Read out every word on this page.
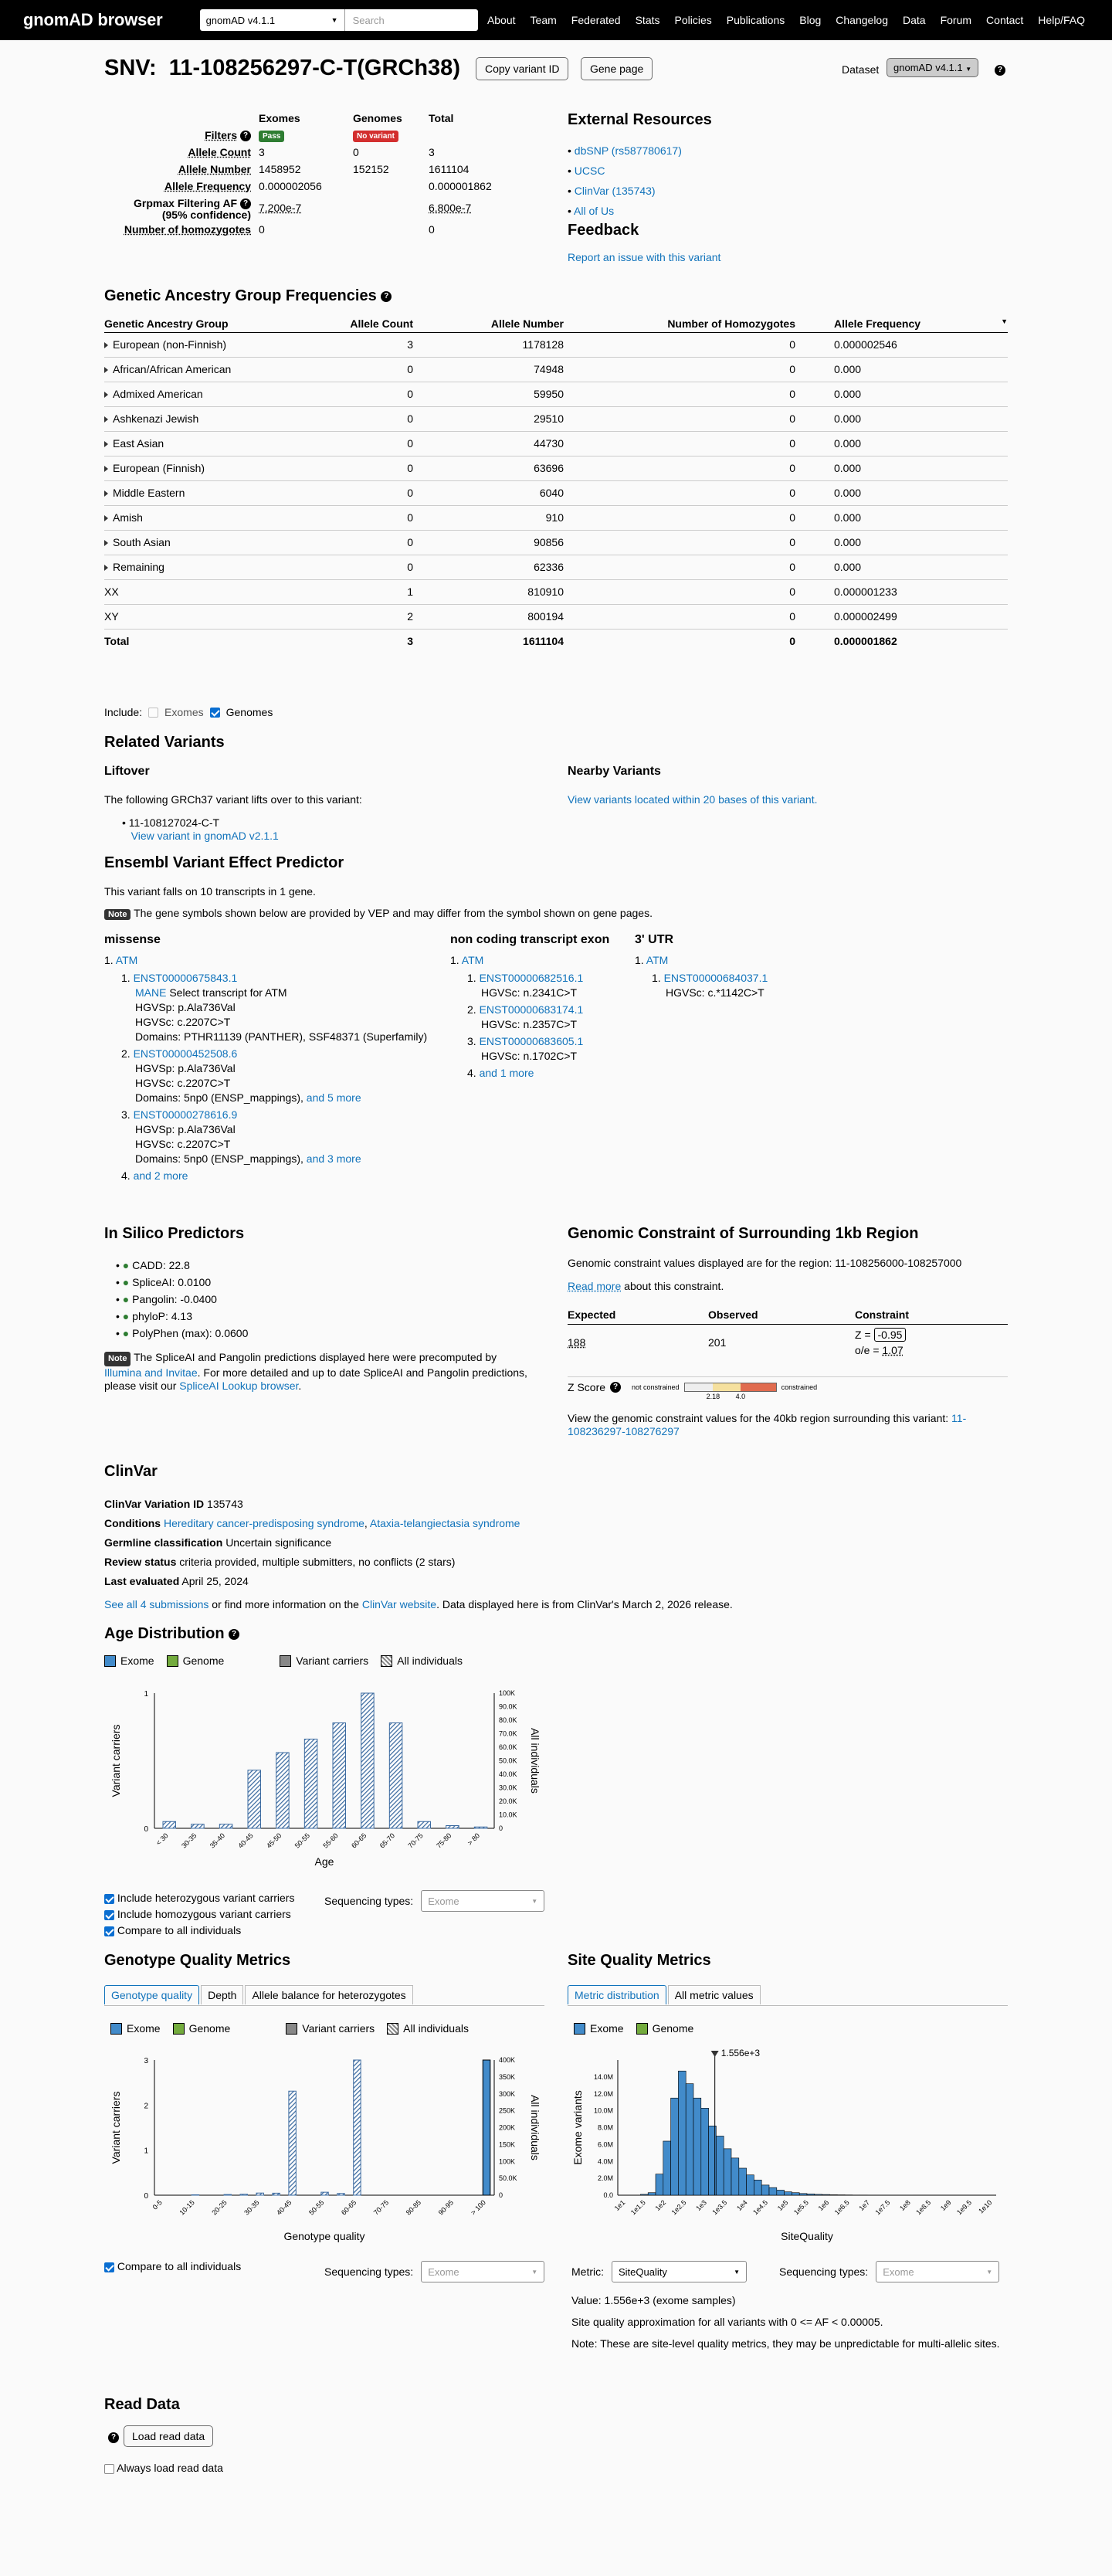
gnomAD browser	gnomAD v4.1.1	▼	Search	About Team Federated Stats Policies Publications Blog Changelog Data Forum Contact Help/FAQ
SNV:  11-108256297-C-T(GRCh38)	Copy variant ID	Gene page	Dataset	gnomAD v4.1.1 ▼	?
	Exomes	Genomes	Total
Filters ?	Pass	No variant	
Allele Count	3	0	3
Allele Number	1458952	152152	1611104
Allele Frequency	0.000002056		0.000001862
Grpmax Filtering AF ?
(95% confidence)	7.200e-7		6.800e-7
Number of homozygotes	0		0
External Resources
• dbSNP (rs587780617)
• UCSC
• ClinVar (135743)
• All of Us
Feedback
Report an issue with this variant
Genetic Ancestry Group Frequencies ?
Genetic Ancestry Group	Allele Count	Allele Number	Number of Homozygotes	Allele Frequency ▼

European (non-Finnish)	3	1178128	0	0.000002546
African/African American	0	74948	0	0.000
Admixed American	0	59950	0	0.000
Ashkenazi Jewish	0	29510	0	0.000
East Asian	0	44730	0	0.000
European (Finnish)	0	63696	0	0.000
Middle Eastern	0	6040	0	0.000
Amish	0	910	0	0.000
South Asian	0	90856	0	0.000
Remaining	0	62336	0	0.000
XX	1	810910	0	0.000001233
XY	2	800194	0	0.000002499
Total	3	1611104	0	0.000001862
Include: Exomes Genomes
Related Variants
Liftover
The following GRCh37 variant lifts over to this variant:
• 11-108127024-C-T
View variant in gnomAD v2.1.1
Nearby Variants
View variants located within 20 bases of this variant.
Ensembl Variant Effect Predictor
This variant falls on 10 transcripts in 1 gene.
Note The gene symbols shown below are provided by VEP and may differ from the symbol shown on gene pages.
missense
1. ATM
1. ENST00000675843.1
MANE Select transcript for ATM
HGVSp: p.Ala736Val
HGVSc: c.2207C>T
Domains: PTHR11139 (PANTHER), SSF48371 (Superfamily)
2. ENST00000452508.6
HGVSp: p.Ala736Val
HGVSc: c.2207C>T
Domains: 5np0 (ENSP_mappings), and 5 more
3. ENST00000278616.9
HGVSp: p.Ala736Val
HGVSc: c.2207C>T
Domains: 5np0 (ENSP_mappings), and 3 more
4. and 2 more
non coding transcript exon
1. ATM
1. ENST00000682516.1
HGVSc: n.2341C>T
2. ENST00000683174.1
HGVSc: n.2357C>T
3. ENST00000683605.1
HGVSc: n.1702C>T
4. and 1 more
3' UTR
1. ATM
1. ENST00000684037.1
HGVSc: c.*1142C>T
In Silico Predictors
• ● CADD: 22.8
• ● SpliceAI: 0.0100
• ● Pangolin: -0.0400
• ● phyloP: 4.13
• ● PolyPhen (max): 0.0600
Note The SpliceAI and Pangolin predictions displayed here were precomputed by Illumina and Invitae. For more detailed and up to date SpliceAI and Pangolin predictions, please visit our SpliceAI Lookup browser.
Genomic Constraint of Surrounding 1kb Region
Genomic constraint values displayed are for the region: 11-108256000-108257000
Read more about this constraint.
Expected	Observed	Constraint
188	201	Z = -0.95
o/e = 1.07
Z Score ?	not constrained
2.18 4.0
constrained
View the genomic constraint values for the 40kb region surrounding this variant: 11-108236297-108276297
ClinVar
ClinVar Variation ID 135743
Conditions Hereditary cancer-predisposing syndrome, Ataxia-telangiectasia syndrome
Germline classification Uncertain significance
Review status criteria provided, multiple submitters, no conflicts (2 stars)
Last evaluated April 25, 2024
See all 4 submissions or find more information on the ClinVar website. Data displayed here is from ClinVar's March 2, 2026 release.
Age Distribution ?
Exome	Genome	Variant carriers	All individuals
0
1
0
10.0K
20.0K
30.0K
40.0K
50.0K
60.0K
70.0K
80.0K
90.0K
100K
< 30 30-35 35-40 40-45 45-50 50-55 55-60 60-65 65-70 70-75 75-80 > 80
Age
Variant carriers	All individuals
Include heterozygous variant carriers
Include homozygous variant carriers
Compare to all individuals
Sequencing types: Exome	▼
Genotype Quality Metrics
Genotype quality Depth Allele balance for heterozygotes
Exome	Genome	Variant carriers	All individuals
0
1
2
3
0
50.0K
100K
150K
200K
250K
300K
350K
400K
0-5 10-15 20-25 30-35 40-45 50-55 60-65 70-75 80-85 90-95 > 100
Genotype quality
Variant carriers	All individuals
Compare to all individuals	Sequencing types: Exome	▼
Site Quality Metrics
Metric distribution All metric values
Exome	Genome
0.0
2.0M
4.0M
6.0M
8.0M
10.0M
12.0M
14.0M
1e1 1e1.5 1e2 1e2.5 1e3 1e3.5 1e4 1e4.5 1e5 1e5.5 1e6 1e6.5 1e7 1e7.5 1e8 1e8.5 1e9 1e9.5 1e10
1.556e+3
SiteQuality
Exome variants
Metric: SiteQuality	▼	Sequencing types: Exome	▼
Value: 1.556e+3 (exome samples)
Site quality approximation for all variants with 0 <= AF < 0.00005.
Note: These are site-level quality metrics, they may be unpredictable for multi-allelic sites.
Read Data
?	Load read data
Always load read data
